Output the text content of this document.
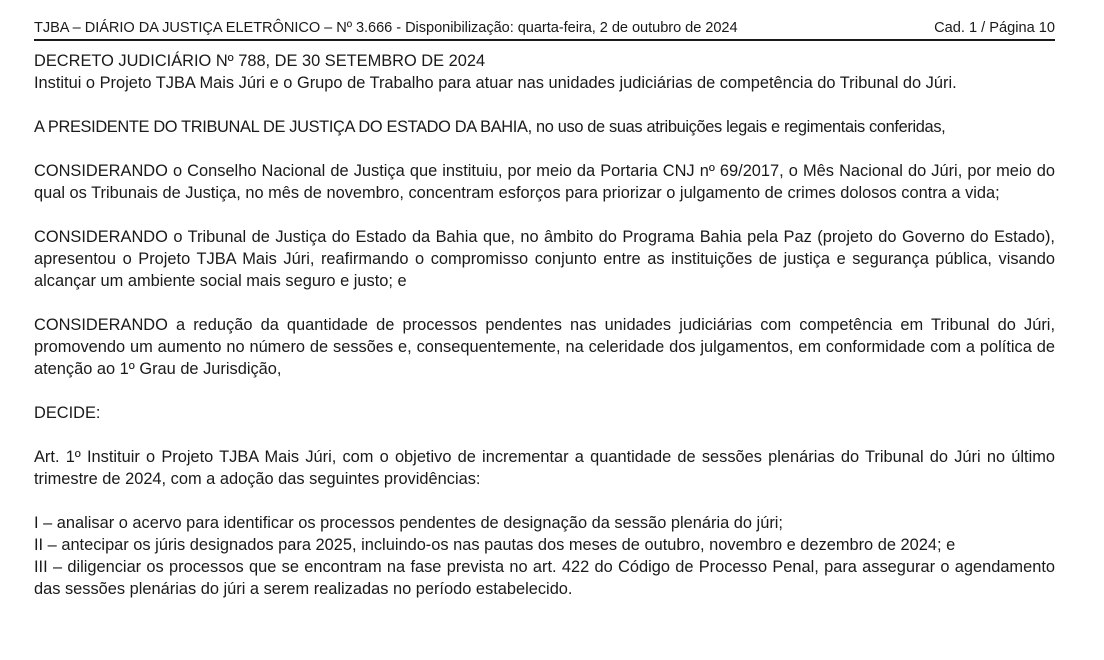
TJBA – DIÁRIO DA JUSTIÇA ELETRÔNICO – Nº 3.666 - Disponibilização: quarta-feira, 2 de outubro de 2024	Cad. 1 / Página 10

DECRETO JUDICIÁRIO Nº 788, DE 30 SETEMBRO DE 2024

Institui o Projeto TJBA Mais Júri e o Grupo de Trabalho para atuar nas unidades judiciárias de competência do Tribunal do Júri.

A PRESIDENTE DO TRIBUNAL DE JUSTIÇA DO ESTADO DA BAHIA, no uso de suas atribuições legais e regimentais conferidas,

CONSIDERANDO o Conselho Nacional de Justiça que instituiu, por meio da Portaria CNJ nº 69/2017, o Mês Nacional do Júri, por meio do qual os Tribunais de Justiça, no mês de novembro, concentram esforços para priorizar o julgamento de crimes dolosos contra a vida;

CONSIDERANDO o Tribunal de Justiça do Estado da Bahia que, no âmbito do Programa Bahia pela Paz (projeto do Governo do Estado), apresentou o Projeto TJBA Mais Júri, reafirmando o compromisso conjunto entre as instituições de justiça e segurança pública, visando alcançar um ambiente social mais seguro e justo; e

CONSIDERANDO a redução da quantidade de processos pendentes nas unidades judiciárias com competência em Tribunal do Júri, promovendo um aumento no número de sessões e, consequentemente, na celeridade dos julgamentos, em conformidade com a política de atenção ao 1º Grau de Jurisdição,

DECIDE:

Art. 1º Instituir o Projeto TJBA Mais Júri, com o objetivo de incrementar a quantidade de sessões plenárias do Tribunal do Júri no último trimestre de 2024, com a adoção das seguintes providências:

I – analisar o acervo para identificar os processos pendentes de designação da sessão plenária do júri;

II – antecipar os júris designados para 2025, incluindo-os nas pautas dos meses de outubro, novembro e dezembro de 2024; e

III – diligenciar os processos que se encontram na fase prevista no art. 422 do Código de Processo Penal, para assegurar o agendamento das sessões plenárias do júri a serem realizadas no período estabelecido.
